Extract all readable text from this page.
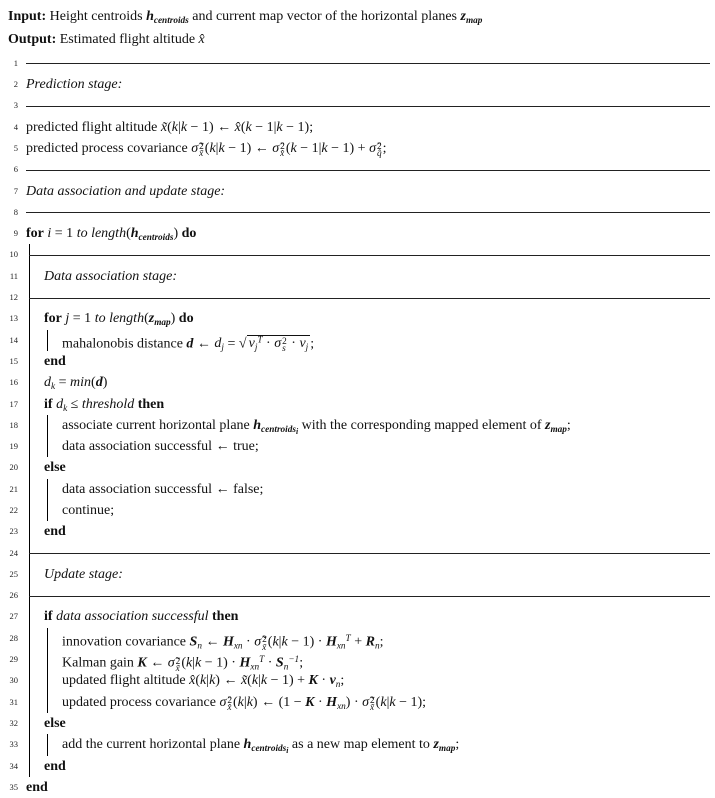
Input: Height centroids $h_{centroids}$ and current map vector of the horizontal planes $z_{map}$
Output: Estimated flight altitude x̂
1
2 Prediction stage:
3
4 predicted flight altitude x̃(k|k − 1) ← x̂(k − 1|k − 1);
5 predicted process covariance σ̃ 2
x̃ (k|k − 1) ← σ̂ 2
x̂ (k − 1|k − 1) + σ̂ 2
q̂ ;
6
7 Data association and update stage:
8
9 for i = 1 to $length(h_{centroids})$ do
10
11 Data association stage:
12
13 for j = 1 to $length(z_{map})$ do
14	mahalonobis distance d ← $d_j$ = √ $v_j^T \cdot \sigma$ 2
$s \cdot v_j$ ;
15 end
16 $d_k = \min(d)$
17 if $d_k$ ≤ threshold then
18	associate current horizontal plane $h_{centroids_i}$ with the corresponding mapped element of $z_{map}$;
19	data association successful ← true;
20 else
21	data association successful ← false;
22	continue;
23 end
24
25 Update stage:
26
27 if data association successful then
28	innovation covariance $S_n$ ← $H_{xn}$ · σ̃ 2
x̃ $(k|k - 1) \cdot H_{xn}^T + R_n$;
29	Kalman gain K ← σ̃ 2
x̃ $(k|k - 1) \cdot H_{xn}^T \cdot S_n^{-1}$;
30	updated flight altitude x̂(k|k) ← x̃(k|k − $1) + K \cdot v_n$;
31	updated process covariance σ̂ 2
x̂ (k|k) ← $(1 - K \cdot H_{xn})$ · σ̃ 2
x̃ (k|k − 1);
32 else
33	add the current horizontal plane $h_{centroids_i}$ as a new map element to $z_{map}$;
34 end
35 end
